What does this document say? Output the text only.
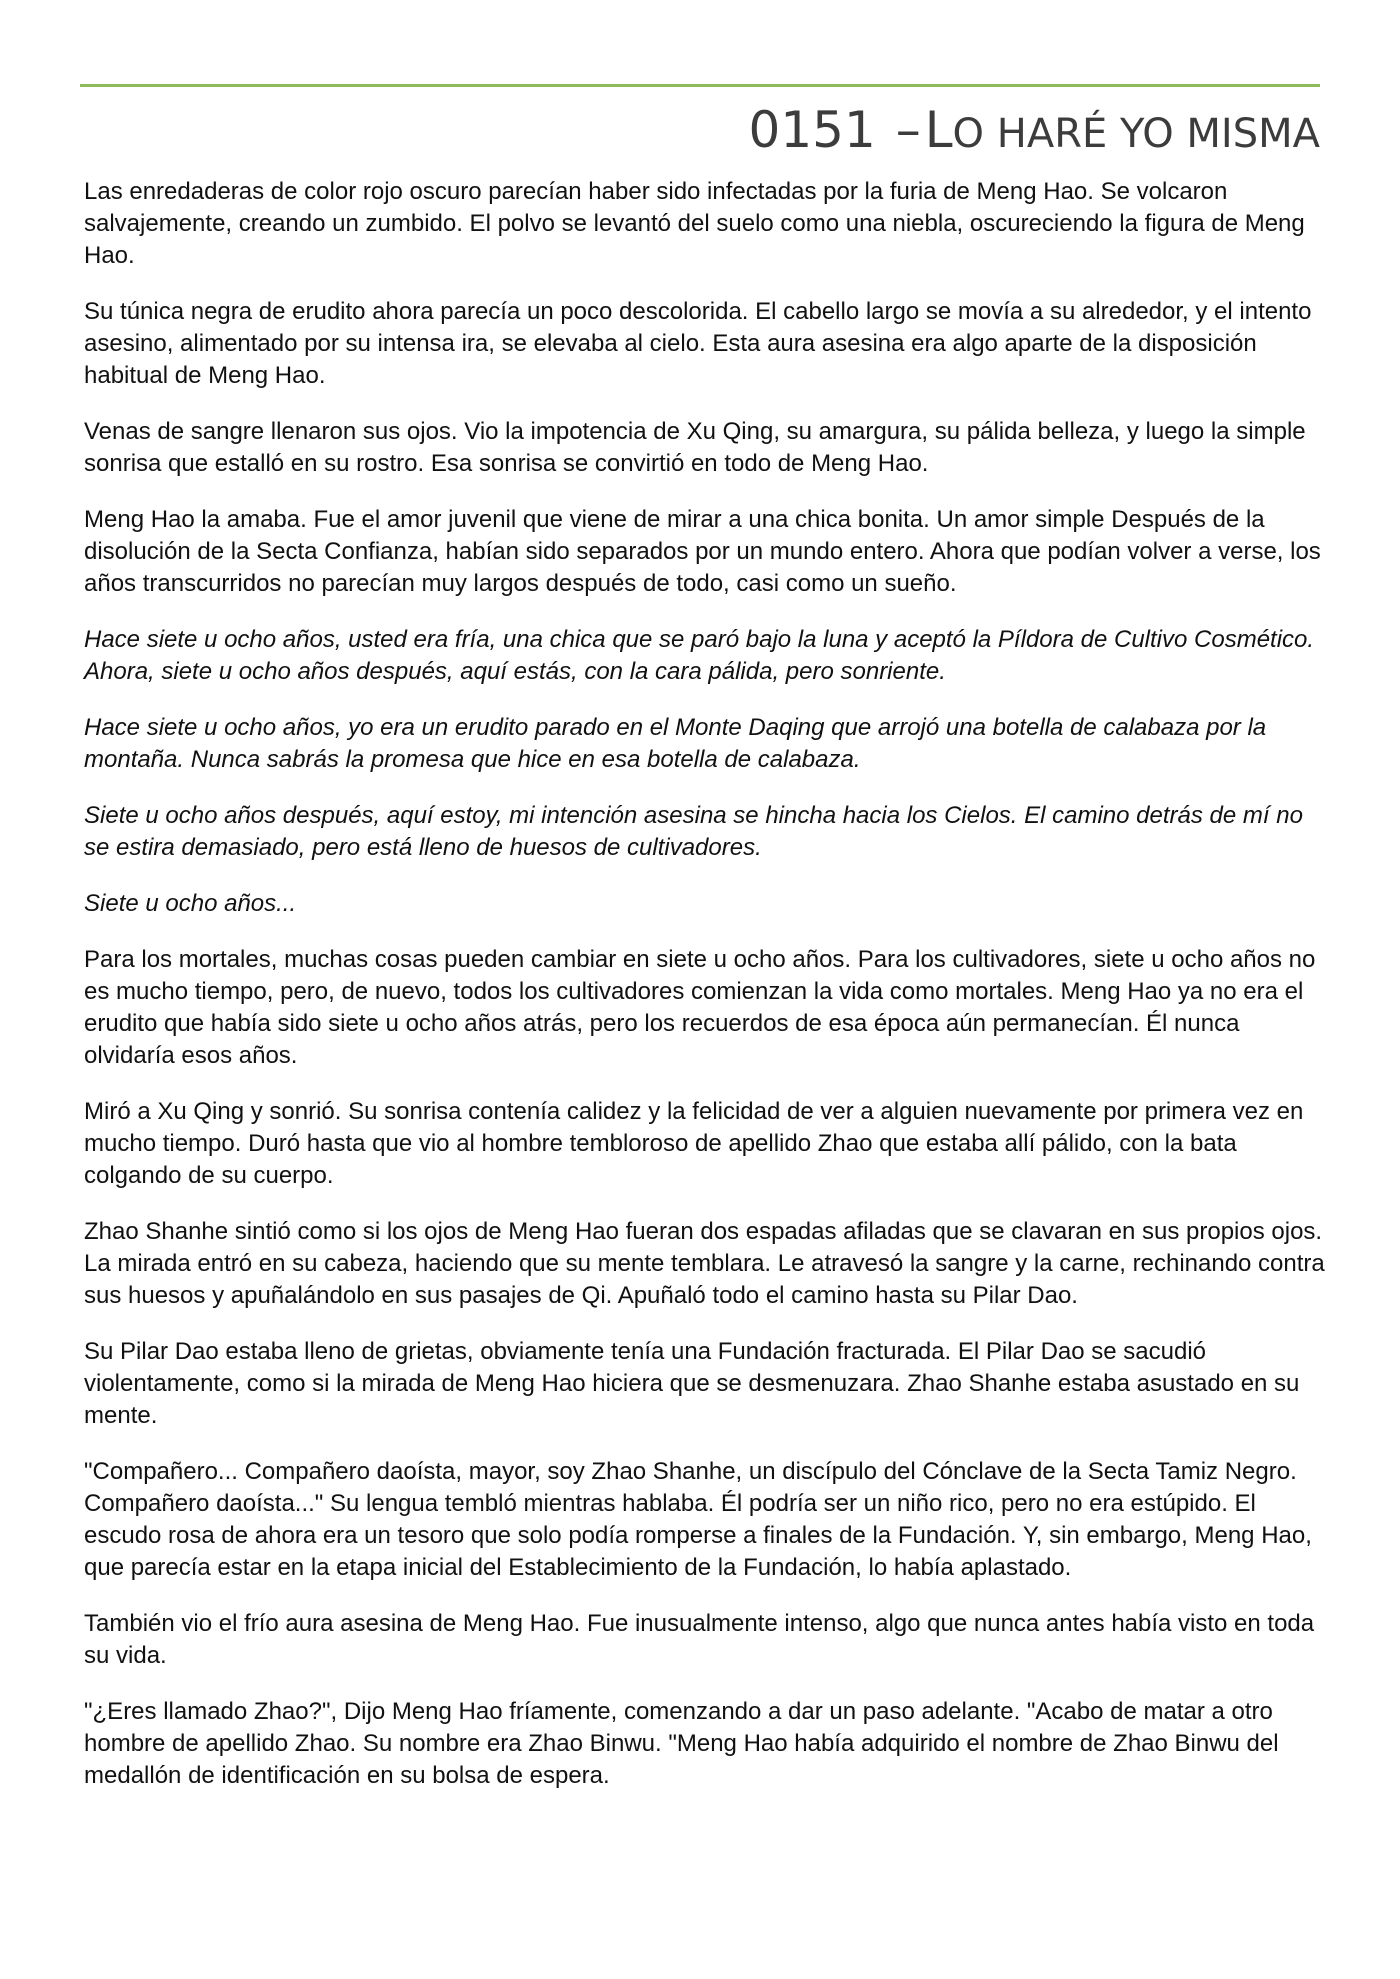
0151 –LO HARÉ YO MISMA

Las enredaderas de color rojo oscuro parecían haber sido infectadas por la furia de Meng Hao. Se volcaron salvajemente, creando un zumbido. El polvo se levantó del suelo como una niebla, oscureciendo la figura de Meng Hao.

Su túnica negra de erudito ahora parecía un poco descolorida. El cabello largo se movía a su alrededor, y el intento asesino, alimentado por su intensa ira, se elevaba al cielo. Esta aura asesina era algo aparte de la disposición habitual de Meng Hao.

Venas de sangre llenaron sus ojos. Vio la impotencia de Xu Qing, su amargura, su pálida belleza, y luego la simple sonrisa que estalló en su rostro. Esa sonrisa se convirtió en todo de Meng Hao.

Meng Hao la amaba. Fue el amor juvenil que viene de mirar a una chica bonita. Un amor simple Después de la disolución de la Secta Confianza, habían sido separados por un mundo entero. Ahora que podían volver a verse, los años transcurridos no parecían muy largos después de todo, casi como un sueño.

Hace siete u ocho años, usted era fría, una chica que se paró bajo la luna y aceptó la Píldora de Cultivo Cosmético. Ahora, siete u ocho años después, aquí estás, con la cara pálida, pero sonriente.

Hace siete u ocho años, yo era un erudito parado en el Monte Daqing que arrojó una botella de calabaza por la montaña. Nunca sabrás la promesa que hice en esa botella de calabaza.

Siete u ocho años después, aquí estoy, mi intención asesina se hincha hacia los Cielos. El camino detrás de mí no se estira demasiado, pero está lleno de huesos de cultivadores.

Siete u ocho años...

Para los mortales, muchas cosas pueden cambiar en siete u ocho años. Para los cultivadores, siete u ocho años no es mucho tiempo, pero, de nuevo, todos los cultivadores comienzan la vida como mortales. Meng Hao ya no era el erudito que había sido siete u ocho años atrás, pero los recuerdos de esa época aún permanecían. Él nunca olvidaría esos años.

Miró a Xu Qing y sonrió. Su sonrisa contenía calidez y la felicidad de ver a alguien nuevamente por primera vez en mucho tiempo. Duró hasta que vio al hombre tembloroso de apellido Zhao que estaba allí pálido, con la bata colgando de su cuerpo.

Zhao Shanhe sintió como si los ojos de Meng Hao fueran dos espadas afiladas que se clavaran en sus propios ojos. La mirada entró en su cabeza, haciendo que su mente temblara. Le atravesó la sangre y la carne, rechinando contra sus huesos y apuñalándolo en sus pasajes de Qi. Apuñaló todo el camino hasta su Pilar Dao.

Su Pilar Dao estaba lleno de grietas, obviamente tenía una Fundación fracturada. El Pilar Dao se sacudió violentamente, como si la mirada de Meng Hao hiciera que se desmenuzara. Zhao Shanhe estaba asustado en su mente.

"Compañero... Compañero daoísta, mayor, soy Zhao Shanhe, un discípulo del Cónclave de la Secta Tamiz Negro. Compañero daoísta..." Su lengua tembló mientras hablaba. Él podría ser un niño rico, pero no era estúpido. El escudo rosa de ahora era un tesoro que solo podía romperse a finales de la Fundación. Y, sin embargo, Meng Hao, que parecía estar en la etapa inicial del Establecimiento de la Fundación, lo había aplastado.

También vio el frío aura asesina de Meng Hao. Fue inusualmente intenso, algo que nunca antes había visto en toda su vida.

"¿Eres llamado Zhao?", Dijo Meng Hao fríamente, comenzando a dar un paso adelante. "Acabo de matar a otro hombre de apellido Zhao. Su nombre era Zhao Binwu. "Meng Hao había adquirido el nombre de Zhao Binwu del medallón de identificación en su bolsa de espera.
